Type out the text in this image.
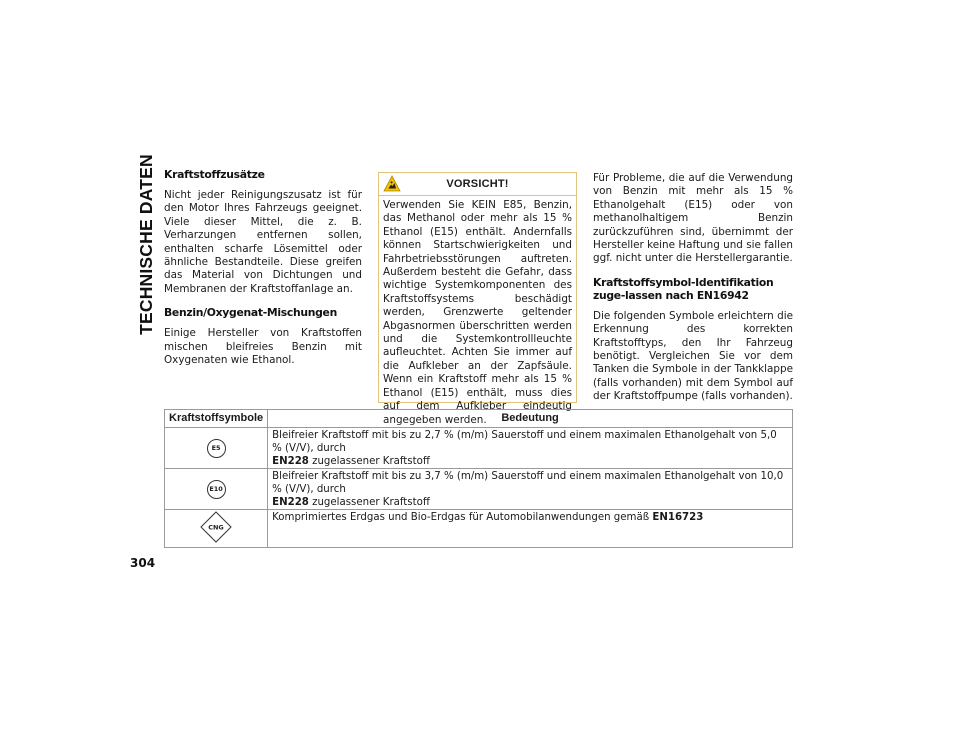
TECHNISCHE DATEN Kraftstoffzusätze

Nicht jeder Reinigungszusatz ist für den Motor Ihres Fahrzeugs geeignet. Viele dieser Mittel, die z. B. Verharzungen entfernen sollen, enthalten scharfe Lösemittel oder ähnliche Bestandteile. Diese greifen das Material von Dichtungen und Membranen der Kraftstoffanlage an.

Benzin/Oxygenat-Mischungen

Einige Hersteller von Kraftstoffen mischen bleifreies Benzin mit Oxygenaten wie Ethanol.

VORSICHT!

Verwenden Sie KEIN E85, Benzin, das Methanol oder mehr als 15 % Ethanol (E15) enthält. Andernfalls können Startschwierigkeiten und Fahrbetriebsstörungen auftreten. Außerdem besteht die Gefahr, dass wichtige Systemkomponenten des Kraftstoffsystems beschädigt werden, Grenzwerte geltender Abgasnormen überschritten werden und die Systemkontrollleuchte aufleuchtet. Achten Sie immer auf die Aufkleber an der Zapfsäule. Wenn ein Kraftstoff mehr als 15 % Ethanol (E15) enthält, muss dies auf dem Aufkleber eindeutig angegeben werden.

Für Probleme, die auf die Verwendung von Benzin mit mehr als 15 % Ethanolgehalt (E15) oder von methanolhaltigem Benzin zurückzuführen sind, übernimmt der Hersteller keine Haftung und sie fallen ggf. nicht unter die Herstellergarantie.

Kraftstoffsymbol-Identifikation zuge-lassen nach EN16942

Die folgenden Symbole erleichtern die Erkennung des korrekten Kraftstofftyps, den Ihr Fahrzeug benötigt. Vergleichen Sie vor dem Tanken die Symbole in der Tankklappe (falls vorhanden) mit dem Symbol auf der Kraftstoffpumpe (falls vorhanden).

Kraftstoffsymbole	Bedeutung
E5	Bleifreier Kraftstoff mit bis zu 2,7 % (m/m) Sauerstoff und einem maximalen Ethanolgehalt von 5,0 % (V/V), durch
EN228 zugelassener Kraftstoff
E10	Bleifreier Kraftstoff mit bis zu 3,7 % (m/m) Sauerstoff und einem maximalen Ethanolgehalt von 10,0 % (V/V), durch
EN228 zugelassener Kraftstoff

CNG	Komprimiertes Erdgas und Bio-Erdgas für Automobilanwendungen gemäß EN16723
304
